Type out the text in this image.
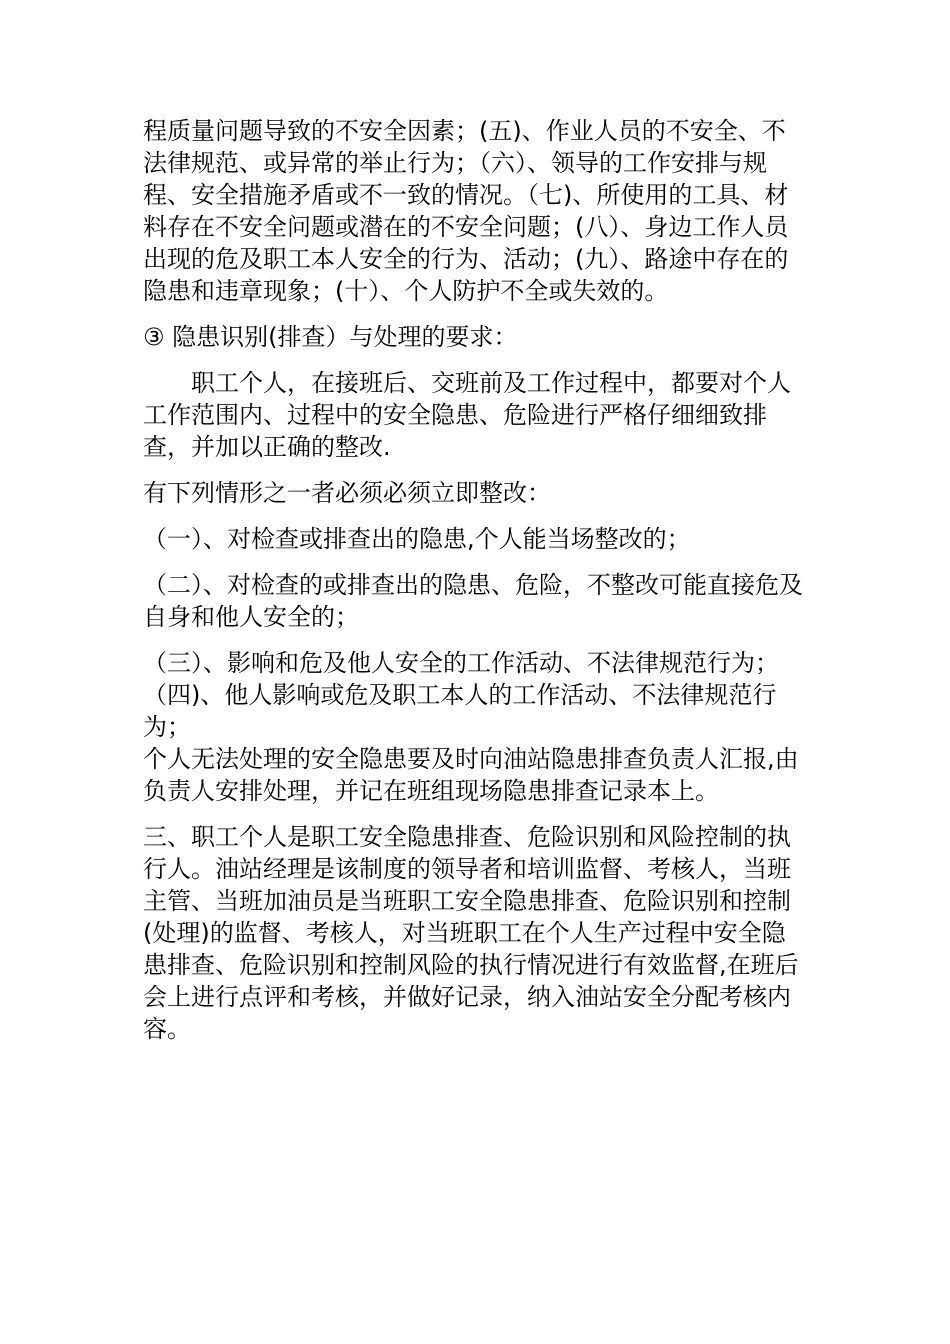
程质量问题导致的不安全因素；(五)、作业人员的不安全、不法律规范、或异常的举止行为；（六）、领导的工作安排与规程、安全措施矛盾或不一致的情况。（七)、所使用的工具、材料存在不安全问题或潜在的不安全问题；(八）、身边工作人员出现的危及职工本人安全的行为、活动；(九）、路途中存在的隐患和违章现象；(十）、个人防护不全或失效的。

③ 隐患识别(排查）与处理的要求：

职工个人，在接班后、交班前及工作过程中，都要对个人工作范围内、过程中的安全隐患、危险进行严格仔细细致排查，并加以正确的整改.

有下列情形之一者必须必须立即整改：

（一）、对检查或排查出的隐患,个人能当场整改的；

（二）、对检查的或排查出的隐患、危险，不整改可能直接危及自身和他人安全的；

（三）、影响和危及他人安全的工作活动、不法律规范行为；

（四)、他人影响或危及职工本人的工作活动、不法律规范行为；

个人无法处理的安全隐患要及时向油站隐患排查负责人汇报,由负责人安排处理，并记在班组现场隐患排查记录本上。

三、职工个人是职工安全隐患排查、危险识别和风险控制的执行人。油站经理是该制度的领导者和培训监督、考核人，当班主管、当班加油员是当班职工安全隐患排查、危险识别和控制(处理)的监督、考核人，对当班职工在个人生产过程中安全隐患排查、危险识别和控制风险的执行情况进行有效监督,在班后会上进行点评和考核，并做好记录，纳入油站安全分配考核内容。
